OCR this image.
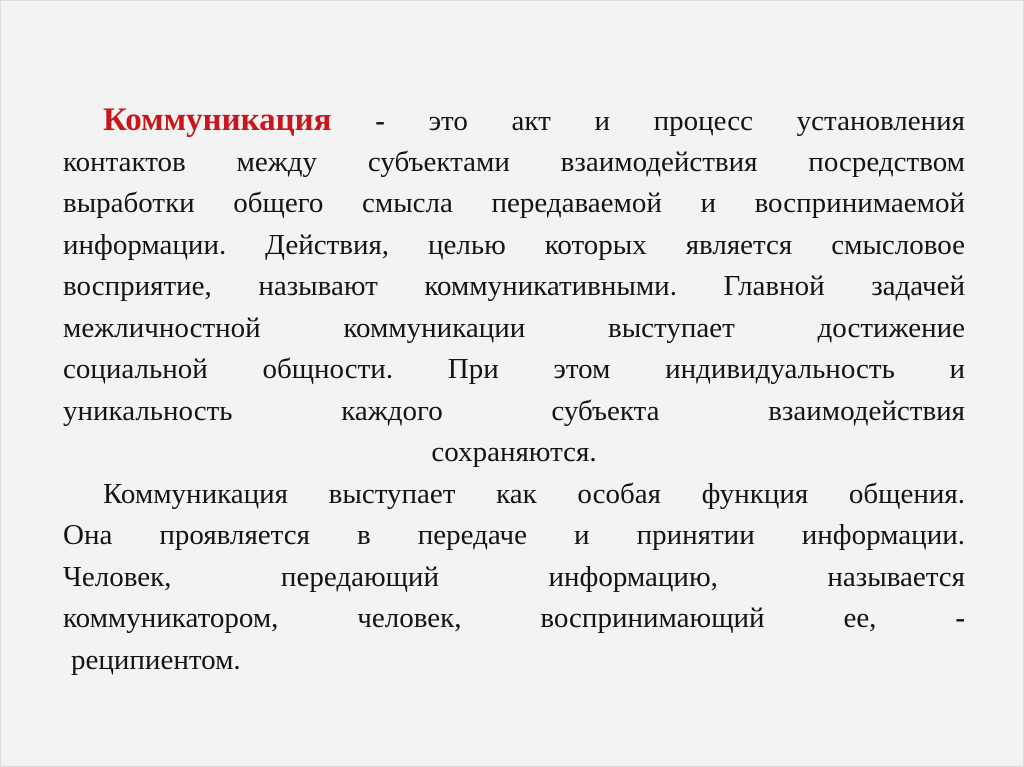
Коммуникация - это акт и процесс установления
контактов между субъектами взаимодействия посредством
выработки общего смысла передаваемой и воспринимаемой
информации. Действия, целью которых является смысловое
восприятие, называют коммуникативными. Главной задачей
межличностной коммуникации выступает достижение
социальной общности. При этом индивидуальность и
уникальность каждого субъекта взаимодействия
сохраняются.
Коммуникация выступает как особая функция общения.
Она проявляется в передаче и принятии информации.
Человек, передающий информацию, называется
коммуникатором, человек, воспринимающий ее,	-
реципиентом.
